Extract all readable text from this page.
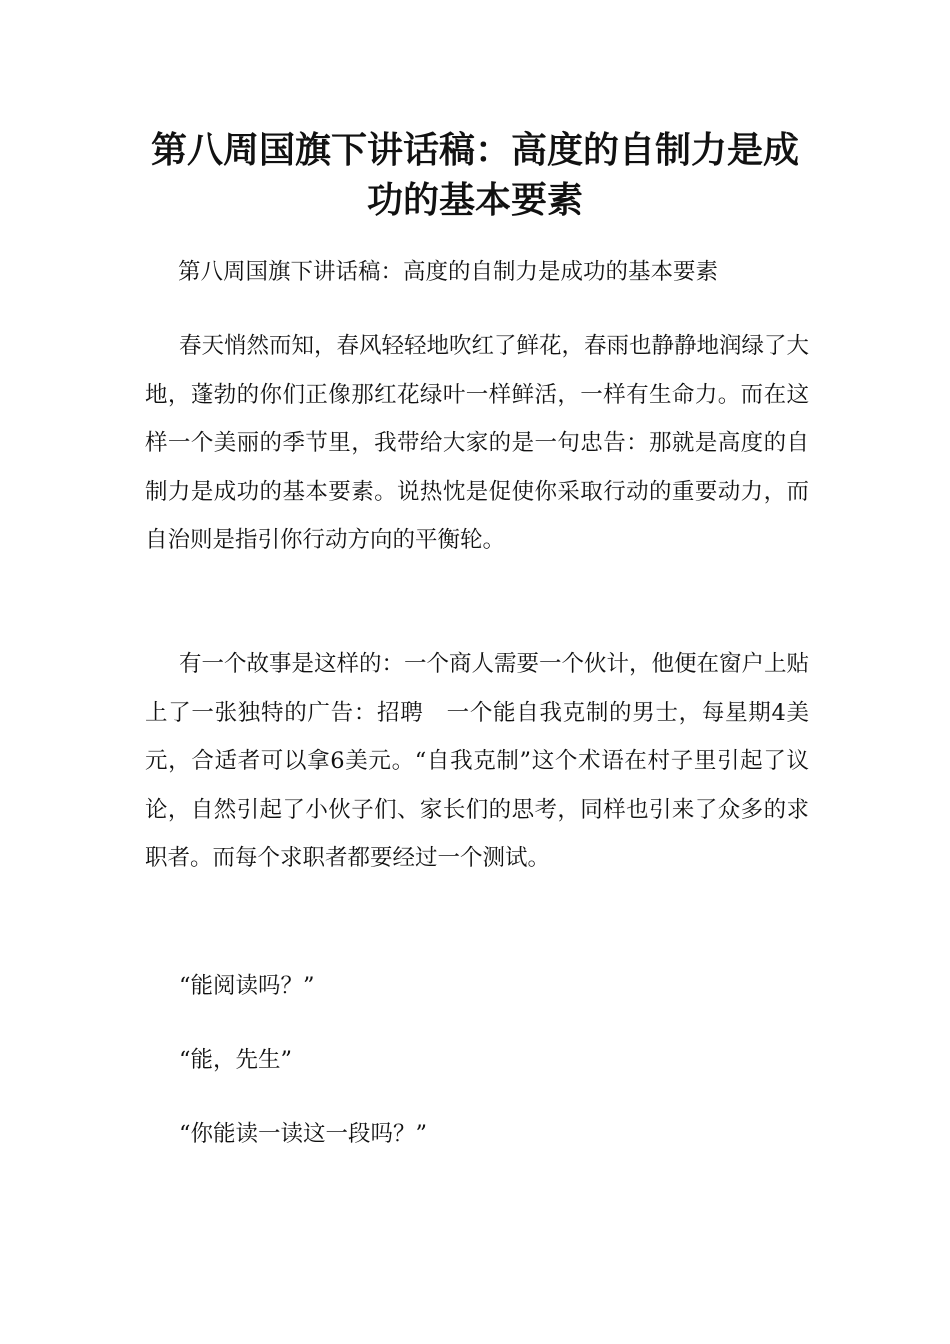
第八周国旗下讲话稿：高度的自制力是成功的基本要素

第八周国旗下讲话稿：高度的自制力是成功的基本要素

春天悄然而知，春风轻轻地吹红了鲜花，春雨也静静地润绿了大地，蓬勃的你们正像那红花绿叶一样鲜活，一样有生命力。而在这样一个美丽的季节里，我带给大家的是一句忠告：那就是高度的自制力是成功的基本要素。说热忱是促使你采取行动的重要动力，而自治则是指引你行动方向的平衡轮。

有一个故事是这样的：一个商人需要一个伙计，他便在窗户上贴上了一张独特的广告：招聘　一个能自我克制的男士，每星期4美元，合适者可以拿6美元。“自我克制”这个术语在村子里引起了议论，自然引起了小伙子们、家长们的思考，同样也引来了众多的求职者。而每个求职者都要经过一个测试。

“能阅读吗？”

“能，先生”

“你能读一读这一段吗？”
